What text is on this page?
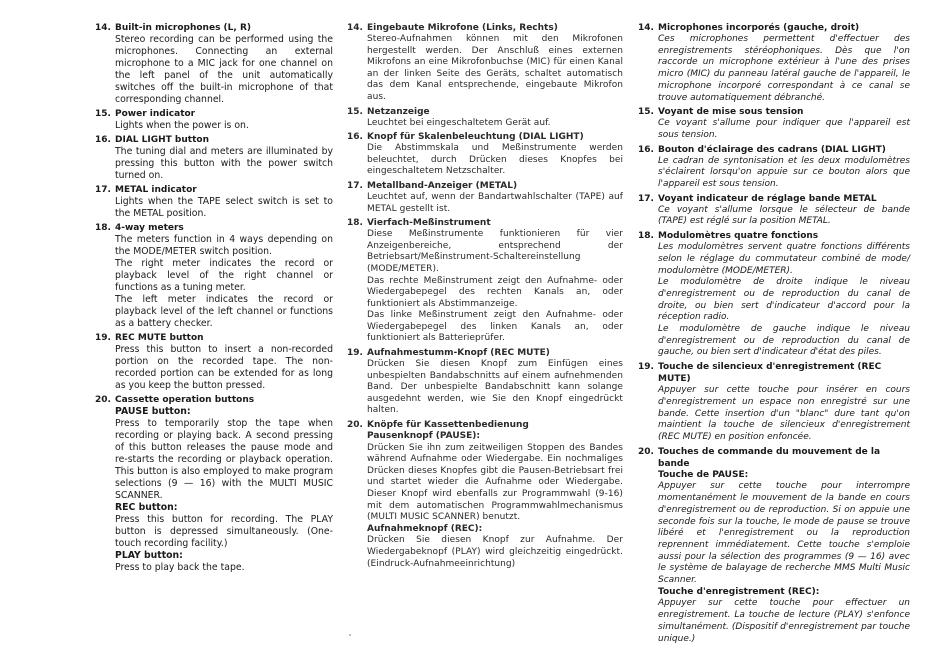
14. Built-in microphones (L, R)
Stereo recording can be performed using the microphones. Connecting an external microphone to a MIC jack for one channel on the left panel of the unit automatically switches off the built-in microphone of that corresponding channel.
15. Power indicator
Lights when the power is on.
16. DIAL LIGHT button
The tuning dial and meters are illuminated by pressing this button with the power switch turned on.
17. METAL indicator
Lights when the TAPE select switch is set to the METAL position.
18. 4-way meters
The meters function in 4 ways depending on the MODE/METER switch position.
The right meter indicates the record or playback level of the right channel or functions as a tuning meter.
The left meter indicates the record or playback level of the left channel or functions as a battery checker.
19. REC MUTE button
Press this button to insert a non-recorded portion on the recorded tape. The non-recorded portion can be extended for as long as you keep the button pressed.
20. Cassette operation buttons
PAUSE button:
Press to temporarily stop the tape when recording or playing back. A second pressing of this button releases the pause mode and re-starts the recording or playback operation. This button is also employed to make program selections (9 — 16) with the MULTI MUSIC SCANNER.
REC button:
Press this button for recording. The PLAY button is depressed simultaneously. (One-touch recording facility.)
PLAY button:
Press to play back the tape.
14. Eingebaute Mikrofone (Links, Rechts)
Stereo-Aufnahmen können mit den Mikrofonen hergestellt werden. Der Anschluß eines externen Mikrofons an eine Mikrofonbuchse (MIC) für einen Kanal an der linken Seite des Geräts, schaltet automatisch das dem Kanal entsprechende, eingebaute Mikrofon aus.
15. Netzanzeige
Leuchtet bei eingeschaltetem Gerät auf.
16. Knopf für Skalenbeleuchtung (DIAL LIGHT)
Die Abstimmskala und Meßinstrumente werden beleuchtet, durch Drücken dieses Knopfes bei eingeschaltetem Netzschalter.
17. Metallband-Anzeiger (METAL)
Leuchtet auf, wenn der Bandartwahlschalter (TAPE) auf METAL gestellt ist.
18. Vierfach-Meßinstrument
Diese Meßinstrumente funktionieren für vier Anzeigenbereiche, entsprechend der Betriebsart/Meßinstrument-Schaltereinstellung (MODE/METER).
Das rechte Meßinstrument zeigt den Aufnahme- oder Wiedergabepegel des rechten Kanals an, oder funktioniert als Abstimmanzeige.
Das linke Meßinstrument zeigt den Aufnahme- oder Wiedergabepegel des linken Kanals an, oder funktioniert als Batterieprüfer.
19. Aufnahmestumm-Knopf (REC MUTE)
Drücken Sie diesen Knopf zum Einfügen eines unbespielten Bandabschnitts auf einem aufnehmenden Band. Der unbespielte Bandabschnitt kann solange ausgedehnt werden, wie Sie den Knopf eingedrückt halten.
20. Knöpfe für Kassettenbedienung
Pausenknopf (PAUSE):
Drücken Sie ihn zum zeitweiligen Stoppen des Bandes während Aufnahme oder Wiedergabe. Ein nochmaliges Drücken dieses Knopfes gibt die Pausen-Betriebsart frei und startet wieder die Aufnahme oder Wiedergabe. Dieser Knopf wird ebenfalls zur Programmwahl (9-16) mit dem automatischen Programmwahlmechanismus (MULTI MUSIC SCANNER) benutzt.
Aufnahmeknopf (REC):
Drücken Sie diesen Knopf zur Aufnahme. Der Wiedergabeknopf (PLAY) wird gleichzeitig eingedrückt. (Eindruck-Aufnahmeeinrichtung)
14. Microphones incorporés (gauche, droit)
Ces microphones permettent d'effectuer des enregistrements stéréophoniques. Dès que l'on raccorde un microphone extérieur à l'une des prises micro (MIC) du panneau latéral gauche de l'appareil, le microphone incorporé correspondant à ce canal se trouve automatiquement débranché.
15. Voyant de mise sous tension
Ce voyant s'allume pour indiquer que l'appareil est sous tension.
16. Bouton d'éclairage des cadrans (DIAL LIGHT)
Le cadran de syntonisation et les deux modulomètres s'éclairent lorsqu'on appuie sur ce bouton alors que l'appareil est sous tension.
17. Voyant indicateur de réglage bande METAL
Ce voyant s'allume lorsque le sélecteur de bande (TAPE) est réglé sur la position METAL.
18. Modulomètres quatre fonctions
Les modulomètres servent quatre fonctions différents selon le réglage du commutateur combiné de mode/ modulomètre (MODE/METER).
Le modulomètre de droite indique le niveau d'enregistrement ou de reproduction du canal de droite, ou bien sert d'indicateur d'accord pour la réception radio.
Le modulomètre de gauche indique le niveau d'enregistrement ou de reproduction du canal de gauche, ou bien sert d'indicateur d'état des piles.
19. Touche de silencieux d'enregistrement (REC MUTE)
Appuyer sur cette touche pour insérer en cours d'enregistrement un espace non enregistré sur une bande. Cette insertion d'un "blanc" dure tant qu'on maintient la touche de silencieux d'enregistrement (REC MUTE) en position enfoncée.
20. Touches de commande du mouvement de la bande
Touche de PAUSE:
Appuyer sur cette touche pour interrompre momentanément le mouvement de la bande en cours d'enregistrement ou de reproduction. Si on appuie une seconde fois sur la touche, le mode de pause se trouve libéré et l'enregistrement ou la reproduction reprennent immédiatement. Cette touche s'emploie aussi pour la sélection des programmes (9 — 16) avec le système de balayage de recherche MMS Multi Music Scanner.
Touche d'enregistrement (REC):
Appuyer sur cette touche pour effectuer un enregistrement. La touche de lecture (PLAY) s'enfonce simultanément. (Dispositif d'enregistrement par touche unique.)
